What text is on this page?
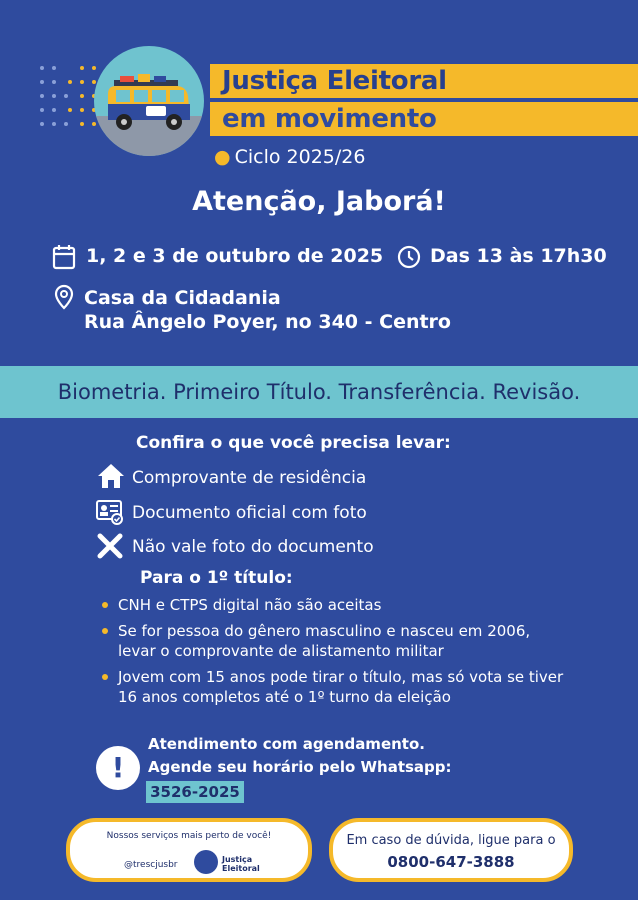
Justiça Eleitoral
em movimento
● Ciclo 2025/26
Atenção, Jaborá!
1, 2 e 3 de outubro de 2025 Das 13 às 17h30
Casa da Cidadania
Rua Ângelo Poyer, no 340 - Centro
Biometria. Primeiro Título. Transferência. Revisão.
Confira o que você precisa levar:
Comprovante de residência
Documento oficial com foto
Não vale foto do documento
Para o 1º título:
CNH e CTPS digital não são aceitas
Se for pessoa do gênero masculino e nasceu em 2006, levar o comprovante de alistamento militar
Jovem com 15 anos pode tirar o título, mas só vota se tiver 16 anos completos até o 1º turno da eleição
!
Atendimento com agendamento.
Agende seu horário pelo Whatsapp:
3526-2025
Nossos serviços mais perto de você!
@trescjusbr
Justiça Eleitoral
Em caso de dúvida, ligue para o
0800-647-3888
